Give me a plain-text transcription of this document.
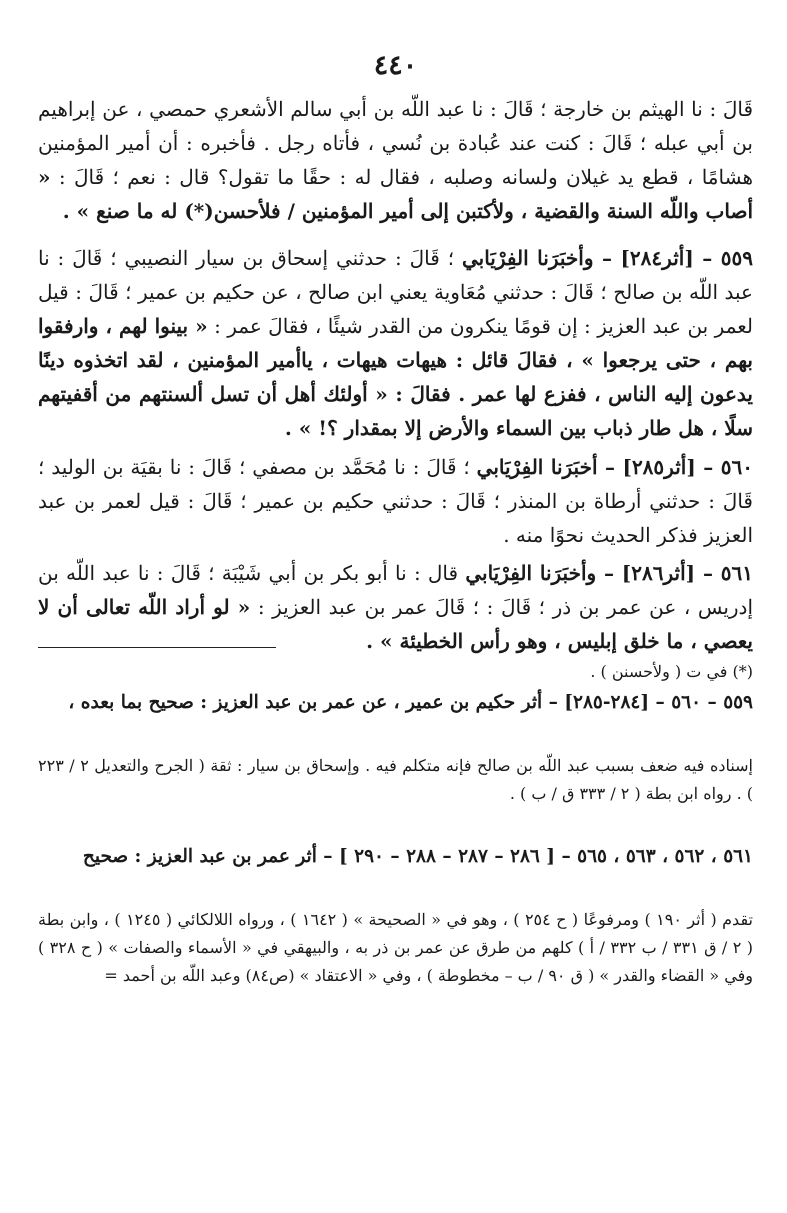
٤٤٠

قَالَ : نا الهيثم بن خارجة ؛ قَالَ : نا عبد اللّه بن أبي سالم الأشعري حمصي ، عن إبراهيم بن أبي عبله ؛ قَالَ : كنت عند عُبادة بن نُسي ، فأتاه رجل . فأخبره : أن أمير المؤمنين هشامًا ، قطع يد غيلان ولسانه وصلبه ، فقال له : حقًا ما تقول؟ قال : نعم ؛ قَالَ : « أصاب واللّه السنة والقضية ، ولأكتبن إلى أمير المؤمنين / فلأحسن(*) له ما صنع » .

٥٥٩ – [أثر٢٨٤] – وأخبَرَنا الفِرْيَابي ؛ قَالَ : حدثني إسحاق بن سيار النصيبي ؛ قَالَ : نا عبد اللّه بن صالح ؛ قَالَ : حدثني مُعَاوية يعني ابن صالح ، عن حكيم بن عمير ؛ قَالَ : قيل لعمر بن عبد العزيز : إن قومًا ينكرون من القدر شيئًا ، فقالَ عمر : « بينوا لهم ، وارفقوا بهم ، حتى يرجعوا » ، فقالَ قائل : هيهات هيهات ، ياأمير المؤمنين ، لقد اتخذوه دينًا يدعون إليه الناس ، ففزع لها عمر . فقالَ : « أولئك أهل أن تسل ألسنتهم من أقفيتهم سلًا ، هل طار ذباب بين السماء والأرض إلا بمقدار ؟! » .

٥٦٠ – [أثر٢٨٥] – أخبَرَنا الفِرْيَابي ؛ قَالَ : نا مُحَمَّد بن مصفي ؛ قَالَ : نا بقيَة بن الوليد ؛ قَالَ : حدثني أرطاة بن المنذر ؛ قَالَ : حدثني حكيم بن عمير ؛ قَالَ : قيل لعمر بن عبد العزيز فذكر الحديث نحوًا منه .

٥٦١ – [أثر٢٨٦] – وأخبَرَنا الفِرْيَابي قال : نا أبو بكر بن أبي شَيْبَة ؛ قَالَ : نا عبد اللّه بن إدريس ، عن عمر بن ذر ؛ قَالَ : ؛ قَالَ عمر بن عبد العزيز : « لو أراد اللّه تعالى أن لا يعصي ، ما خلق إبليس ، وهو رأس الخطيئة » .

(*) في ت ( ولأحسنن ) .

٥٥٩ – ٥٦٠ – [٢٨٤-٢٨٥] – أثر حكيم بن عمير ، عن عمر بن عبد العزيز : صحيح بما بعده ،

إسناده فيه ضعف بسبب عبد اللّه بن صالح فإنه متكلم فيه . وإسحاق بن سيار : ثقة ( الجرح والتعديل ٢ / ٢٢٣ ) . رواه ابن بطة ( ٢ / ٣٣٣ ق / ب ) .

٥٦١ ، ٥٦٢ ، ٥٦٣ ، ٥٦٥ – [ ٢٨٦ – ٢٨٧ – ٢٨٨ – ٢٩٠ ] – أثر عمر بن عبد العزيز : صحيح

تقدم ( أثر ١٩٠ ) ومرفوعًا ( ح ٢٥٤ ) ، وهو في « الصحيحة » ( ١٦٤٢ ) ، ورواه اللالكائي ( ١٢٤٥ ) ، وابن بطة ( ٢ / ق ٣٣١ / ب ٣٣٢ / أ ) كلهم من طرق عن عمر بن ذر به ، والبيهقي في « الأسماء والصفات » ( ح ٣٢٨ ) وفي « القضاء والقدر » ( ق ٩٠ / ب – مخطوطة ) ، وفي « الاعتقاد » (ص٨٤) وعبد اللّه بن أحمد =
